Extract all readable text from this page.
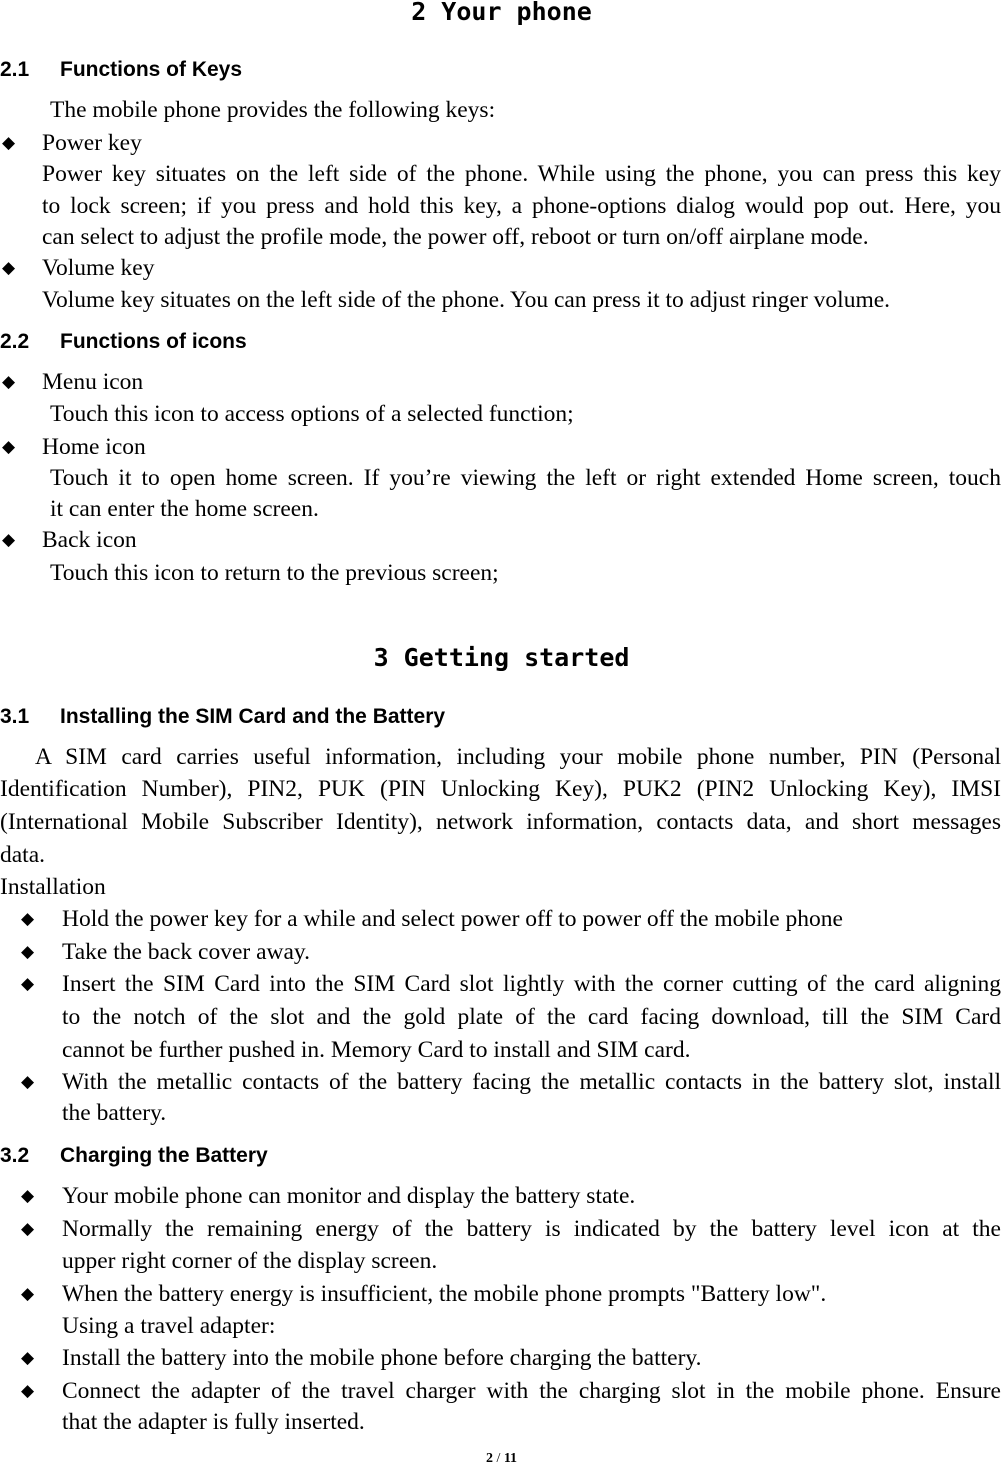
2 Your phone
2.1 Functions of Keys

The mobile phone provides the following keys:

◆ Power key

Power key situates on the left side of the phone. While using the phone, you can press this key

to lock screen; if you press and hold this key, a phone-options dialog would pop out. Here, you

can select to adjust the profile mode, the power off, reboot or turn on/off airplane mode.

◆ Volume key

Volume key situates on the left side of the phone. You can press it to adjust ringer volume.

2.2 Functions of icons
◆ Menu icon

Touch this icon to access options of a selected function;

◆ Home icon

Touch it to open home screen. If you’re viewing the left or right extended Home screen, touch

it can enter the home screen.

◆ Back icon

Touch this icon to return to the previous screen;

3 Getting started
3.1 Installing the SIM Card and the Battery

A SIM card carries useful information, including your mobile phone number, PIN (Personal

Identification Number), PIN2, PUK (PIN Unlocking Key), PUK2 (PIN2 Unlocking Key), IMSI

(International Mobile Subscriber Identity), network information, contacts data, and short messages

data.

Installation

◆ Hold the power key for a while and select power off to power off the mobile phone

◆ Take the back cover away.

◆ Insert the SIM Card into the SIM Card slot lightly with the corner cutting of the card aligning

to the notch of the slot and the gold plate of the card facing download, till the SIM Card

cannot be further pushed in. Memory Card to install and SIM card.

◆ With the metallic contacts of the battery facing the metallic contacts in the battery slot, install

the battery.

3.2 Charging the Battery
◆ Your mobile phone can monitor and display the battery state.

◆ Normally the remaining energy of the battery is indicated by the battery level icon at the

upper right corner of the display screen.

◆ When the battery energy is insufficient, the mobile phone prompts "Battery low".

Using a travel adapter:

◆ Install the battery into the mobile phone before charging the battery.

◆ Connect the adapter of the travel charger with the charging slot in the mobile phone. Ensure

that the adapter is fully inserted.

2 / 11
